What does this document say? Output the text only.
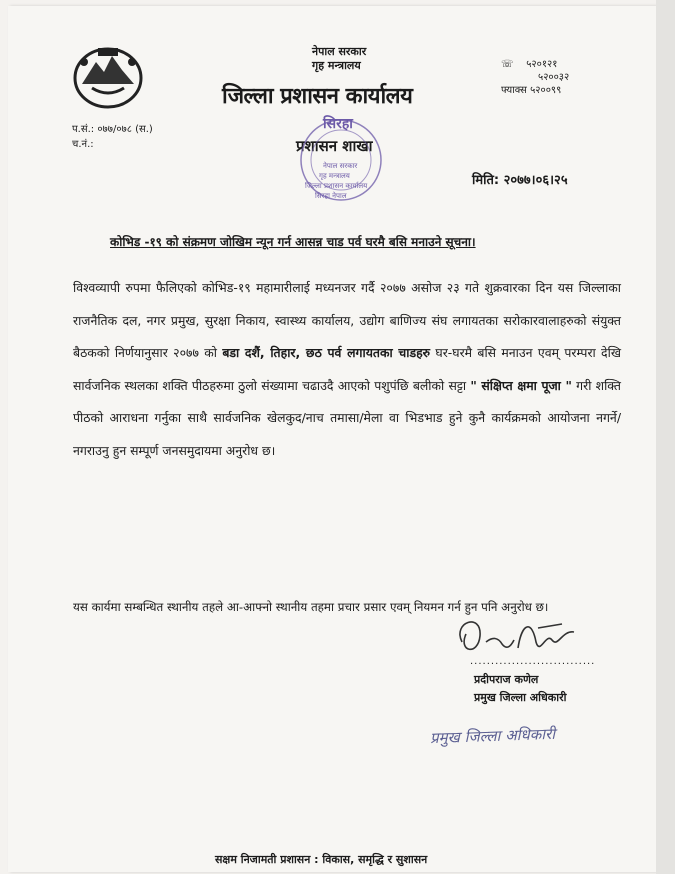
नेपाल सरकार
गृह मन्त्रालय
जिल्ला प्रशासन कार्यालय
☏ ५२०१२१
५२००३२
फ्याक्स ५२००९९
प.सं.: ०७७/०७८ (स.)
च.नं.:	प्रशासन शाखा
सिरहा
नेपाल सरकार
गृह मन्त्रालय
जिल्ला प्रशासन कार्यालय
सिरहा नेपाल
मिति: २०७७।०६।२५
कोभिड -१९ को संक्रमण जोखिम न्यून गर्न आसन्न चाड पर्व घरमै बसि मनाउने सूचना।
विश्वव्यापी रुपमा फैलिएको कोभिड-१९ महामारीलाई मध्यनजर गर्दै २०७७ असोज २३ गते शुक्रवारका दिन यस जिल्लाका राजनैतिक दल, नगर प्रमुख, सुरक्षा निकाय, स्वास्थ्य कार्यालय, उद्योग बाणिज्य संघ लगायतका सरोकारवालाहरुको संयुक्त बैठकको निर्णयानुसार २०७७ को बडा दशैं, तिहार, छठ पर्व लगायतका चाडहरु घर-घरमै बसि मनाउन एवम् परम्परा देखि सार्वजनिक स्थलका शक्ति पीठहरुमा ठुलो संख्यामा चढाउदै आएको पशुपंछि बलीको सट्टा " संक्षिप्त क्षमा पूजा " गरी शक्ति पीठको आराधना गर्नुका साथै सार्वजनिक खेलकुद/नाच तमासा/मेला वा भिडभाड हुने कुनै कार्यक्रमको आयोजना नगर्ने/ नगराउनु हुन सम्पूर्ण जनसमुदायमा अनुरोध छ।
यस कार्यमा सम्बन्धित स्थानीय तहले आ-आफ्नो स्थानीय तहमा प्रचार प्रसार एवम् नियमन गर्न हुन पनि अनुरोध छ।
..............................
प्रदीपराज कणेल
प्रमुख जिल्ला अधिकारी
प्रमुख जिल्ला अधिकारी
सक्षम निजामती प्रशासन : विकास, समृद्धि र सुशासन
